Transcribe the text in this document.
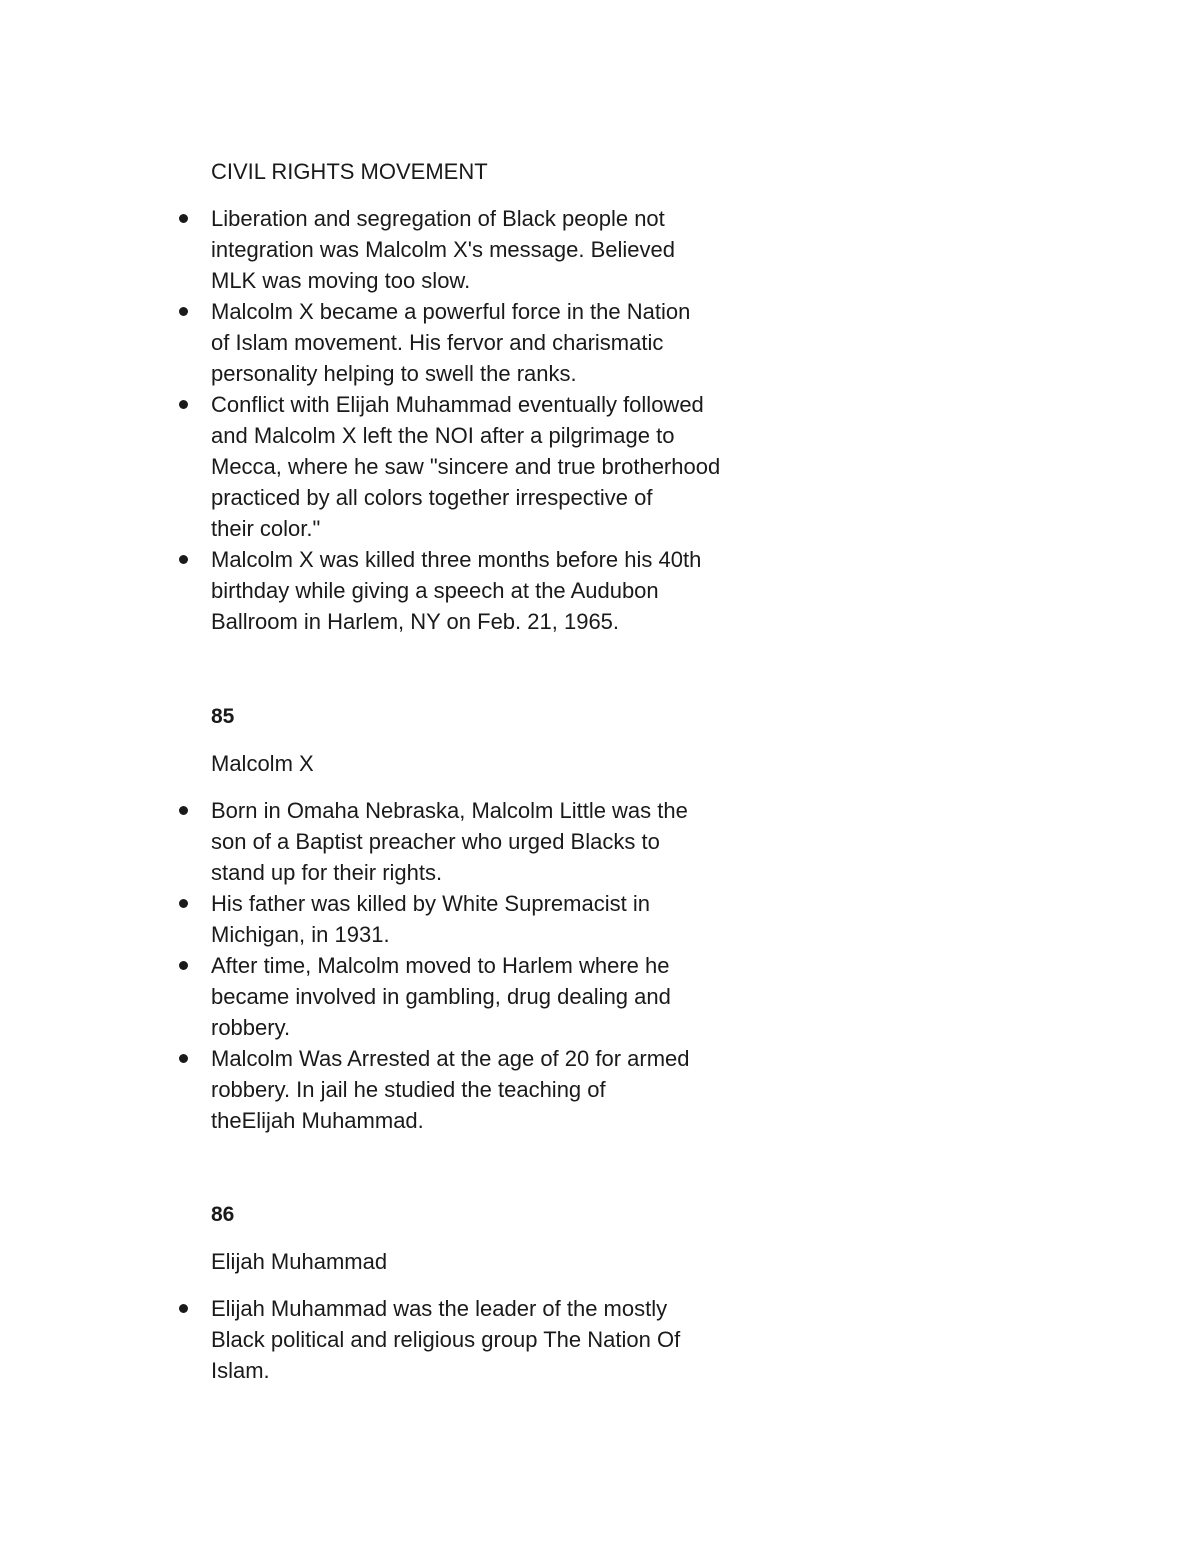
CIVIL RIGHTS MOVEMENT
Liberation and segregation of Black people not
integration was Malcolm X's message. Believed
MLK was moving too slow.
Malcolm X became a powerful force in the Nation
of Islam movement. His fervor and charismatic
personality helping to swell the ranks.
Conflict with Elijah Muhammad eventually followed
and Malcolm X left the NOI after a pilgrimage to
Mecca, where he saw "sincere and true brotherhood
practiced by all colors together irrespective of
their color."
Malcolm X was killed three months before his 40th
birthday while giving a speech at the Audubon
Ballroom in Harlem, NY on Feb. 21, 1965.
85
Malcolm X
Born in Omaha Nebraska, Malcolm Little was the
son of a Baptist preacher who urged Blacks to
stand up for their rights.
His father was killed by White Supremacist in
Michigan, in 1931.
After time, Malcolm moved to Harlem where he
became involved in gambling, drug dealing and
robbery.
Malcolm Was Arrested at the age of 20 for armed
robbery. In jail he studied the teaching of
theElijah Muhammad.
86
Elijah Muhammad
Elijah Muhammad was the leader of the mostly
Black political and religious group The Nation Of
Islam.
